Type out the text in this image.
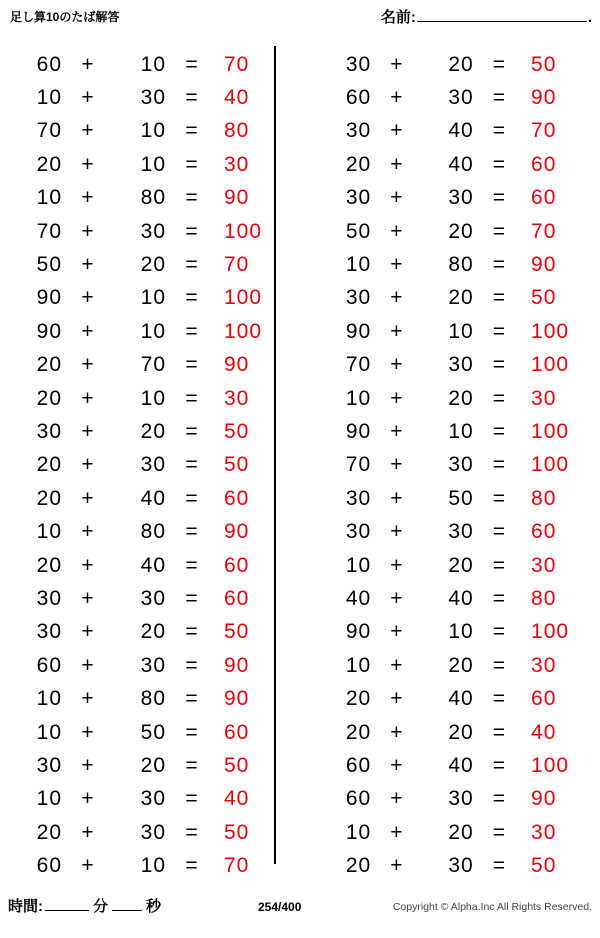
足し算10のたば解答	名前:	.
60 +	10 =	70
10 +	30 =	40
70 +	10 =	80
20 +	10 =	30
10 +	80 =	90
70 +	30 =	100
50 +	20 =	70
90 +	10 =	100
90 +	10 =	100
20 +	70 =	90
20 +	10 =	30
30 +	20 =	50
20 +	30 =	50
20 +	40 =	60
10 +	80 =	90
20 +	40 =	60
30 +	30 =	60
30 +	20 =	50
60 +	30 =	90
10 +	80 =	90
10 +	50 =	60
30 +	20 =	50
10 +	30 =	40
20 +	30 =	50
60 +	10 =	70
30 +	20 =	50
60 +	30 =	90
30 +	40 =	70
20 +	40 =	60
30 +	30 =	60
50 +	20 =	70
10 +	80 =	90
30 +	20 =	50
90 +	10 =	100
70 +	30 =	100
10 +	20 =	30
90 +	10 =	100
70 +	30 =	100
30 +	50 =	80
30 +	30 =	60
10 +	20 =	30
40 +	40 =	80
90 +	10 =	100
10 +	20 =	30
20 +	40 =	60
20 +	20 =	40
60 +	40 =	100
60 +	30 =	90
10 +	20 =	30
20 +	30 =	50
時間:	分	秒	254/400	Copyright © Alpha.Inc All Rights Reserved.
